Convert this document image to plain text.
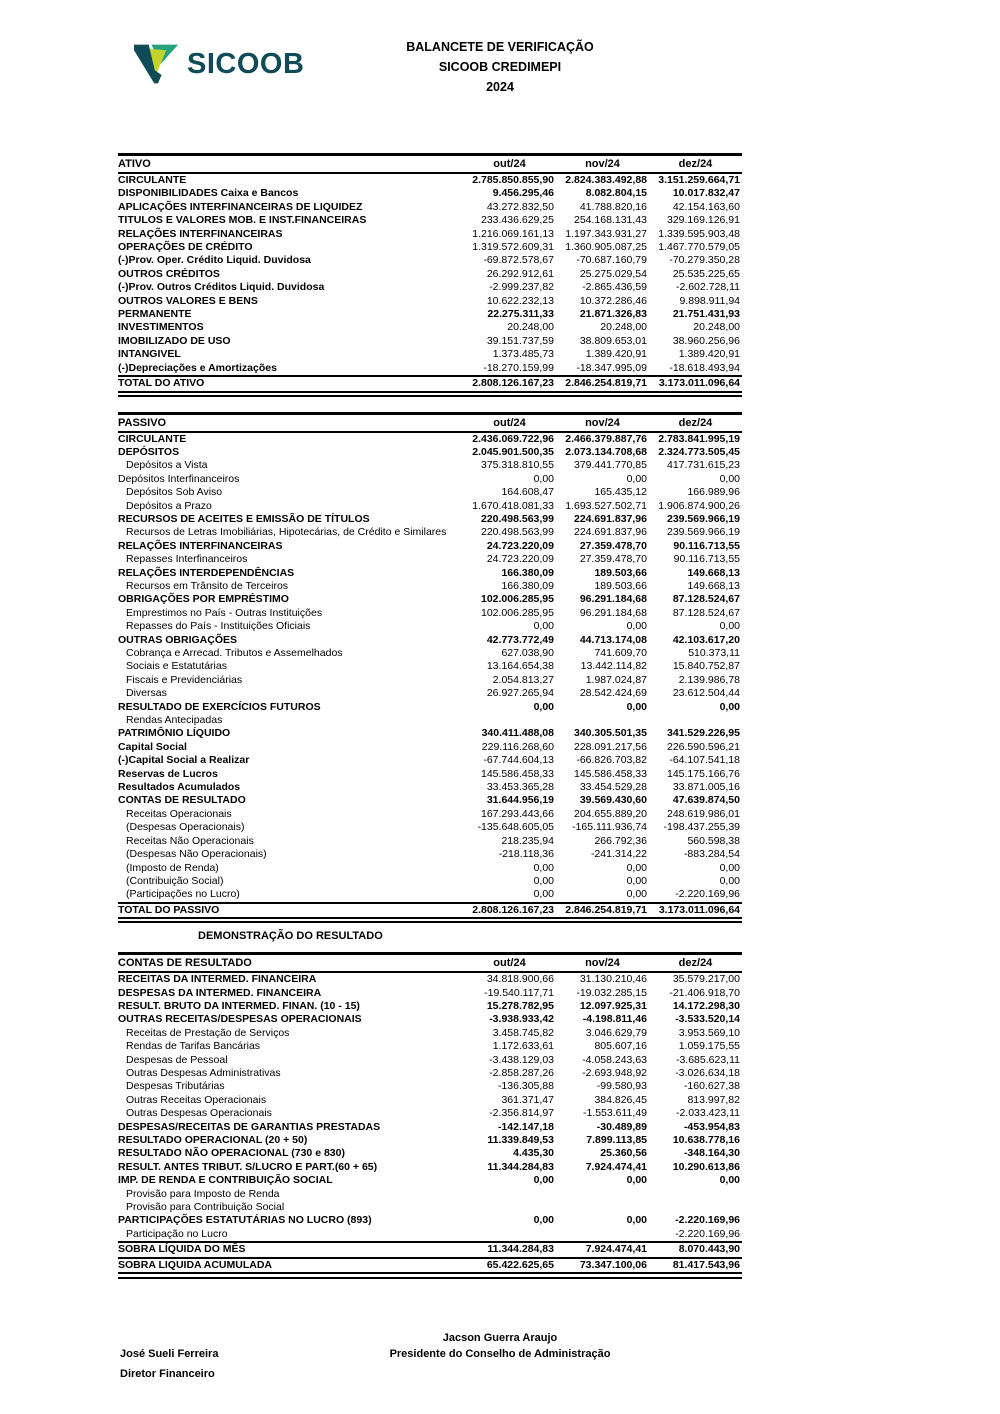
SICOOB
BALANCETE DE VERIFICAÇÃO
SICOOB CREDIMEPI
2024
ATIVO	out/24	nov/24	dez/24
CIRCULANTE	2.785.850.855,90	2.824.383.492,88	3.151.259.664,71
DISPONIBILIDADES Caixa e Bancos	9.456.295,46	8.082.804,15	10.017.832,47
APLICAÇÕES INTERFINANCEIRAS DE LIQUIDEZ	43.272.832,50	41.788.820,16	42.154.163,60
TITULOS E VALORES MOB. E INST.FINANCEIRAS	233.436.629,25	254.168.131,43	329.169.126,91
RELAÇÕES INTERFINANCEIRAS	1.216.069.161,13	1.197.343.931,27	1.339.595.903,48
OPERAÇÕES DE CRÉDITO	1.319.572.609,31	1.360.905.087,25	1.467.770.579,05
(-)Prov. Oper. Crédito Liquid. Duvidosa	-69.872.578,67	-70.687.160,79	-70.279.350,28
OUTROS CRÉDITOS	26.292.912,61	25.275.029,54	25.535.225,65
(-)Prov. Outros Créditos Liquid. Duvidosa	-2.999.237,82	-2.865.436,59	-2.602.728,11
OUTROS VALORES E BENS	10.622.232,13	10.372.286,46	9.898.911,94
PERMANENTE	22.275.311,33	21.871.326,83	21.751.431,93
INVESTIMENTOS	20.248,00	20.248,00	20.248,00
IMOBILIZADO DE USO	39.151.737,59	38.809.653,01	38.960.256,96
INTANGIVEL	1.373.485,73	1.389.420,91	1.389.420,91
(-)Depreciações e Amortizações	-18.270.159,99	-18.347.995,09	-18.618.493,94
TOTAL DO ATIVO	2.808.126.167,23	2.846.254.819,71	3.173.011.096,64
PASSIVO	out/24	nov/24	dez/24
CIRCULANTE	2.436.069.722,96	2.466.379.887,76	2.783.841.995,19
DEPÓSITOS	2.045.901.500,35	2.073.134.708,68	2.324.773.505,45
Depósitos a Vista	375.318.810,55	379.441.770,85	417.731.615,23
Depósitos Interfinanceiros	0,00	0,00	0,00
Depósitos Sob Aviso	164.608,47	165.435,12	166.989,96
Depósitos a Prazo	1.670.418.081,33	1.693.527.502,71	1.906.874.900,26
RECURSOS DE ACEITES E EMISSÃO DE TÍTULOS	220.498.563,99	224.691.837,96	239.569.966,19
Recursos de Letras Imobiliárias, Hipotecárias, de Crédito e Similares	220.498.563,99	224.691.837,96	239.569.966,19
RELAÇÕES INTERFINANCEIRAS	24.723.220,09	27.359.478,70	90.116.713,55
Repasses Interfinanceiros	24.723.220,09	27.359.478,70	90.116.713,55
RELAÇÕES INTERDEPENDÊNCIAS	166.380,09	189.503,66	149.668,13
Recursos em Trânsito de Terceiros	166.380,09	189.503,66	149.668,13
OBRIGAÇÕES POR EMPRÉSTIMO	102.006.285,95	96.291.184,68	87.128.524,67
Emprestimos no País - Outras Instituições	102.006.285,95	96.291.184,68	87.128.524,67
Repasses do País - Instituições Oficiais	0,00	0,00	0,00
OUTRAS OBRIGAÇÕES	42.773.772,49	44.713.174,08	42.103.617,20
Cobrança e Arrecad. Tributos e Assemelhados	627.038,90	741.609,70	510.373,11
Sociais e Estatutárias	13.164.654,38	13.442.114,82	15.840.752,87
Fiscais e Previdenciárias	2.054.813,27	1.987.024,87	2.139.986,78
Diversas	26.927.265,94	28.542.424,69	23.612.504,44
RESULTADO DE EXERCÍCIOS FUTUROS	0,00	0,00	0,00
Rendas Antecipadas			
PATRIMÔNIO LÍQUIDO	340.411.488,08	340.305.501,35	341.529.226,95
Capital Social	229.116.268,60	228.091.217,56	226.590.596,21
(-)Capital Social a Realizar	-67.744.604,13	-66.826.703,82	-64.107.541,18
Reservas de Lucros	145.586.458,33	145.586.458,33	145.175.166,76
Resultados Acumulados	33.453.365,28	33.454.529,28	33.871.005,16
CONTAS DE RESULTADO	31.644.956,19	39.569.430,60	47.639.874,50
Receitas Operacionais	167.293.443,66	204.655.889,20	248.619.986,01
(Despesas Operacionais)	-135.648.605,05	-165.111.936,74	-198.437.255,39
Receitas Não Operacionais	218.235,94	266.792,36	560.598,38
(Despesas Não Operacionais)	-218.118,36	-241.314,22	-883.284,54
(Imposto de Renda)	0,00	0,00	0,00
(Contribuição Social)	0,00	0,00	0,00
(Participações no Lucro)	0,00	0,00	-2.220.169,96
TOTAL DO PASSIVO	2.808.126.167,23	2.846.254.819,71	3.173.011.096,64
DEMONSTRAÇÃO DO RESULTADO
CONTAS DE RESULTADO	out/24	nov/24	dez/24
RECEITAS DA INTERMED. FINANCEIRA	34.818.900,66	31.130.210,46	35.579.217,00
DESPESAS DA INTERMED. FINANCEIRA	-19.540.117,71	-19.032.285,15	-21.406.918,70
RESULT. BRUTO DA INTERMED. FINAN. (10 - 15)	15.278.782,95	12.097.925,31	14.172.298,30
OUTRAS RECEITAS/DESPESAS OPERACIONAIS	-3.938.933,42	-4.198.811,46	-3.533.520,14
Receitas de Prestação de Serviços	3.458.745,82	3.046.629,79	3.953.569,10
Rendas de Tarifas Bancárias	1.172.633,61	805.607,16	1.059.175,55
Despesas de Pessoal	-3.438.129,03	-4.058.243,63	-3.685.623,11
Outras Despesas Administrativas	-2.858.287,26	-2.693.948,92	-3.026.634,18
Despesas Tributárias	-136.305,88	-99.580,93	-160.627,38
Outras Receitas Operacionais	361.371,47	384.826,45	813.997,82
Outras Despesas Operacionais	-2.356.814,97	-1.553.611,49	-2.033.423,11
DESPESAS/RECEITAS DE GARANTIAS PRESTADAS	-142.147,18	-30.489,89	-453.954,83
RESULTADO OPERACIONAL (20 + 50)	11.339.849,53	7.899.113,85	10.638.778,16
RESULTADO NÃO OPERACIONAL (730 e 830)	4.435,30	25.360,56	-348.164,30
RESULT. ANTES TRIBUT. S/LUCRO E PART.(60 + 65)	11.344.284,83	7.924.474,41	10.290.613,86
IMP. DE RENDA E CONTRIBUIÇÃO SOCIAL	0,00	0,00	0,00
Provisão para Imposto de Renda			
Provisão para Contribuição Social			
PARTICIPAÇÕES ESTATUTÁRIAS NO LUCRO (893)	0,00	0,00	-2.220.169,96
Participação no Lucro			-2.220.169,96
SOBRA LÍQUIDA DO MÊS	11.344.284,83	7.924.474,41	8.070.443,90
SOBRA LIQUIDA ACUMULADA	65.422.625,65	73.347.100,06	81.417.543,96
José Sueli Ferreira
Diretor Financeiro
Jacson Guerra Araujo
Presidente do Conselho de Administração
